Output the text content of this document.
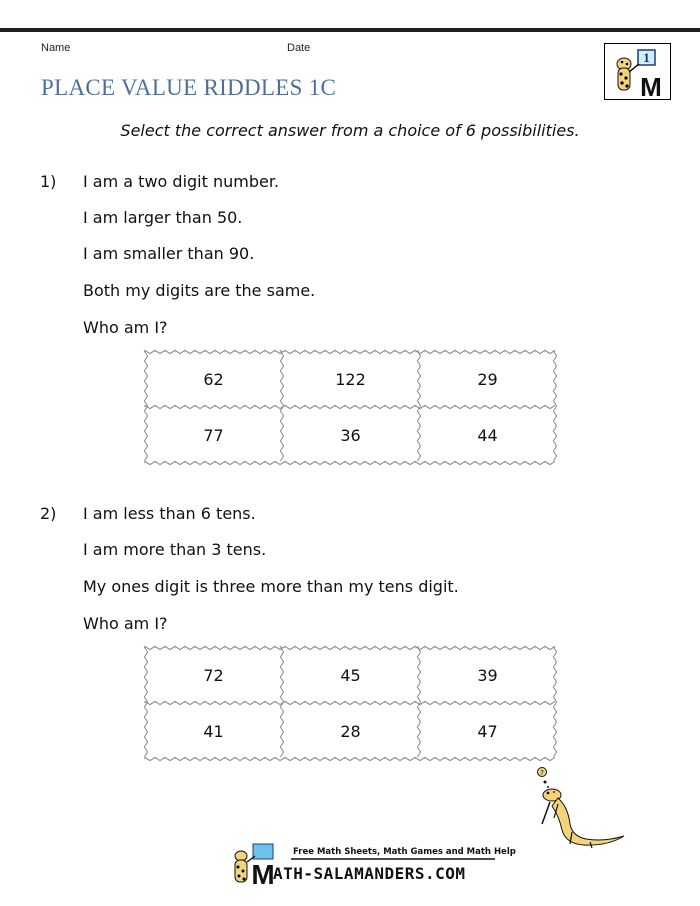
Name	Date
PLACE VALUE RIDDLES 1C
1
M
Select the correct answer from a choice of 6 possibilities.
1) I am a two digit number.
I am larger than 50.
I am smaller than 90.
Both my digits are the same.
Who am I?
62	122	29
77	36	44
2) I am less than 6 tens.
I am more than 3 tens.
My ones digit is three more than my tens digit.
Who am I?
72	45	39
41	28	47
?
M
Free Math Sheets, Math Games and Math Help
ATH-SALAMANDERS.COM
